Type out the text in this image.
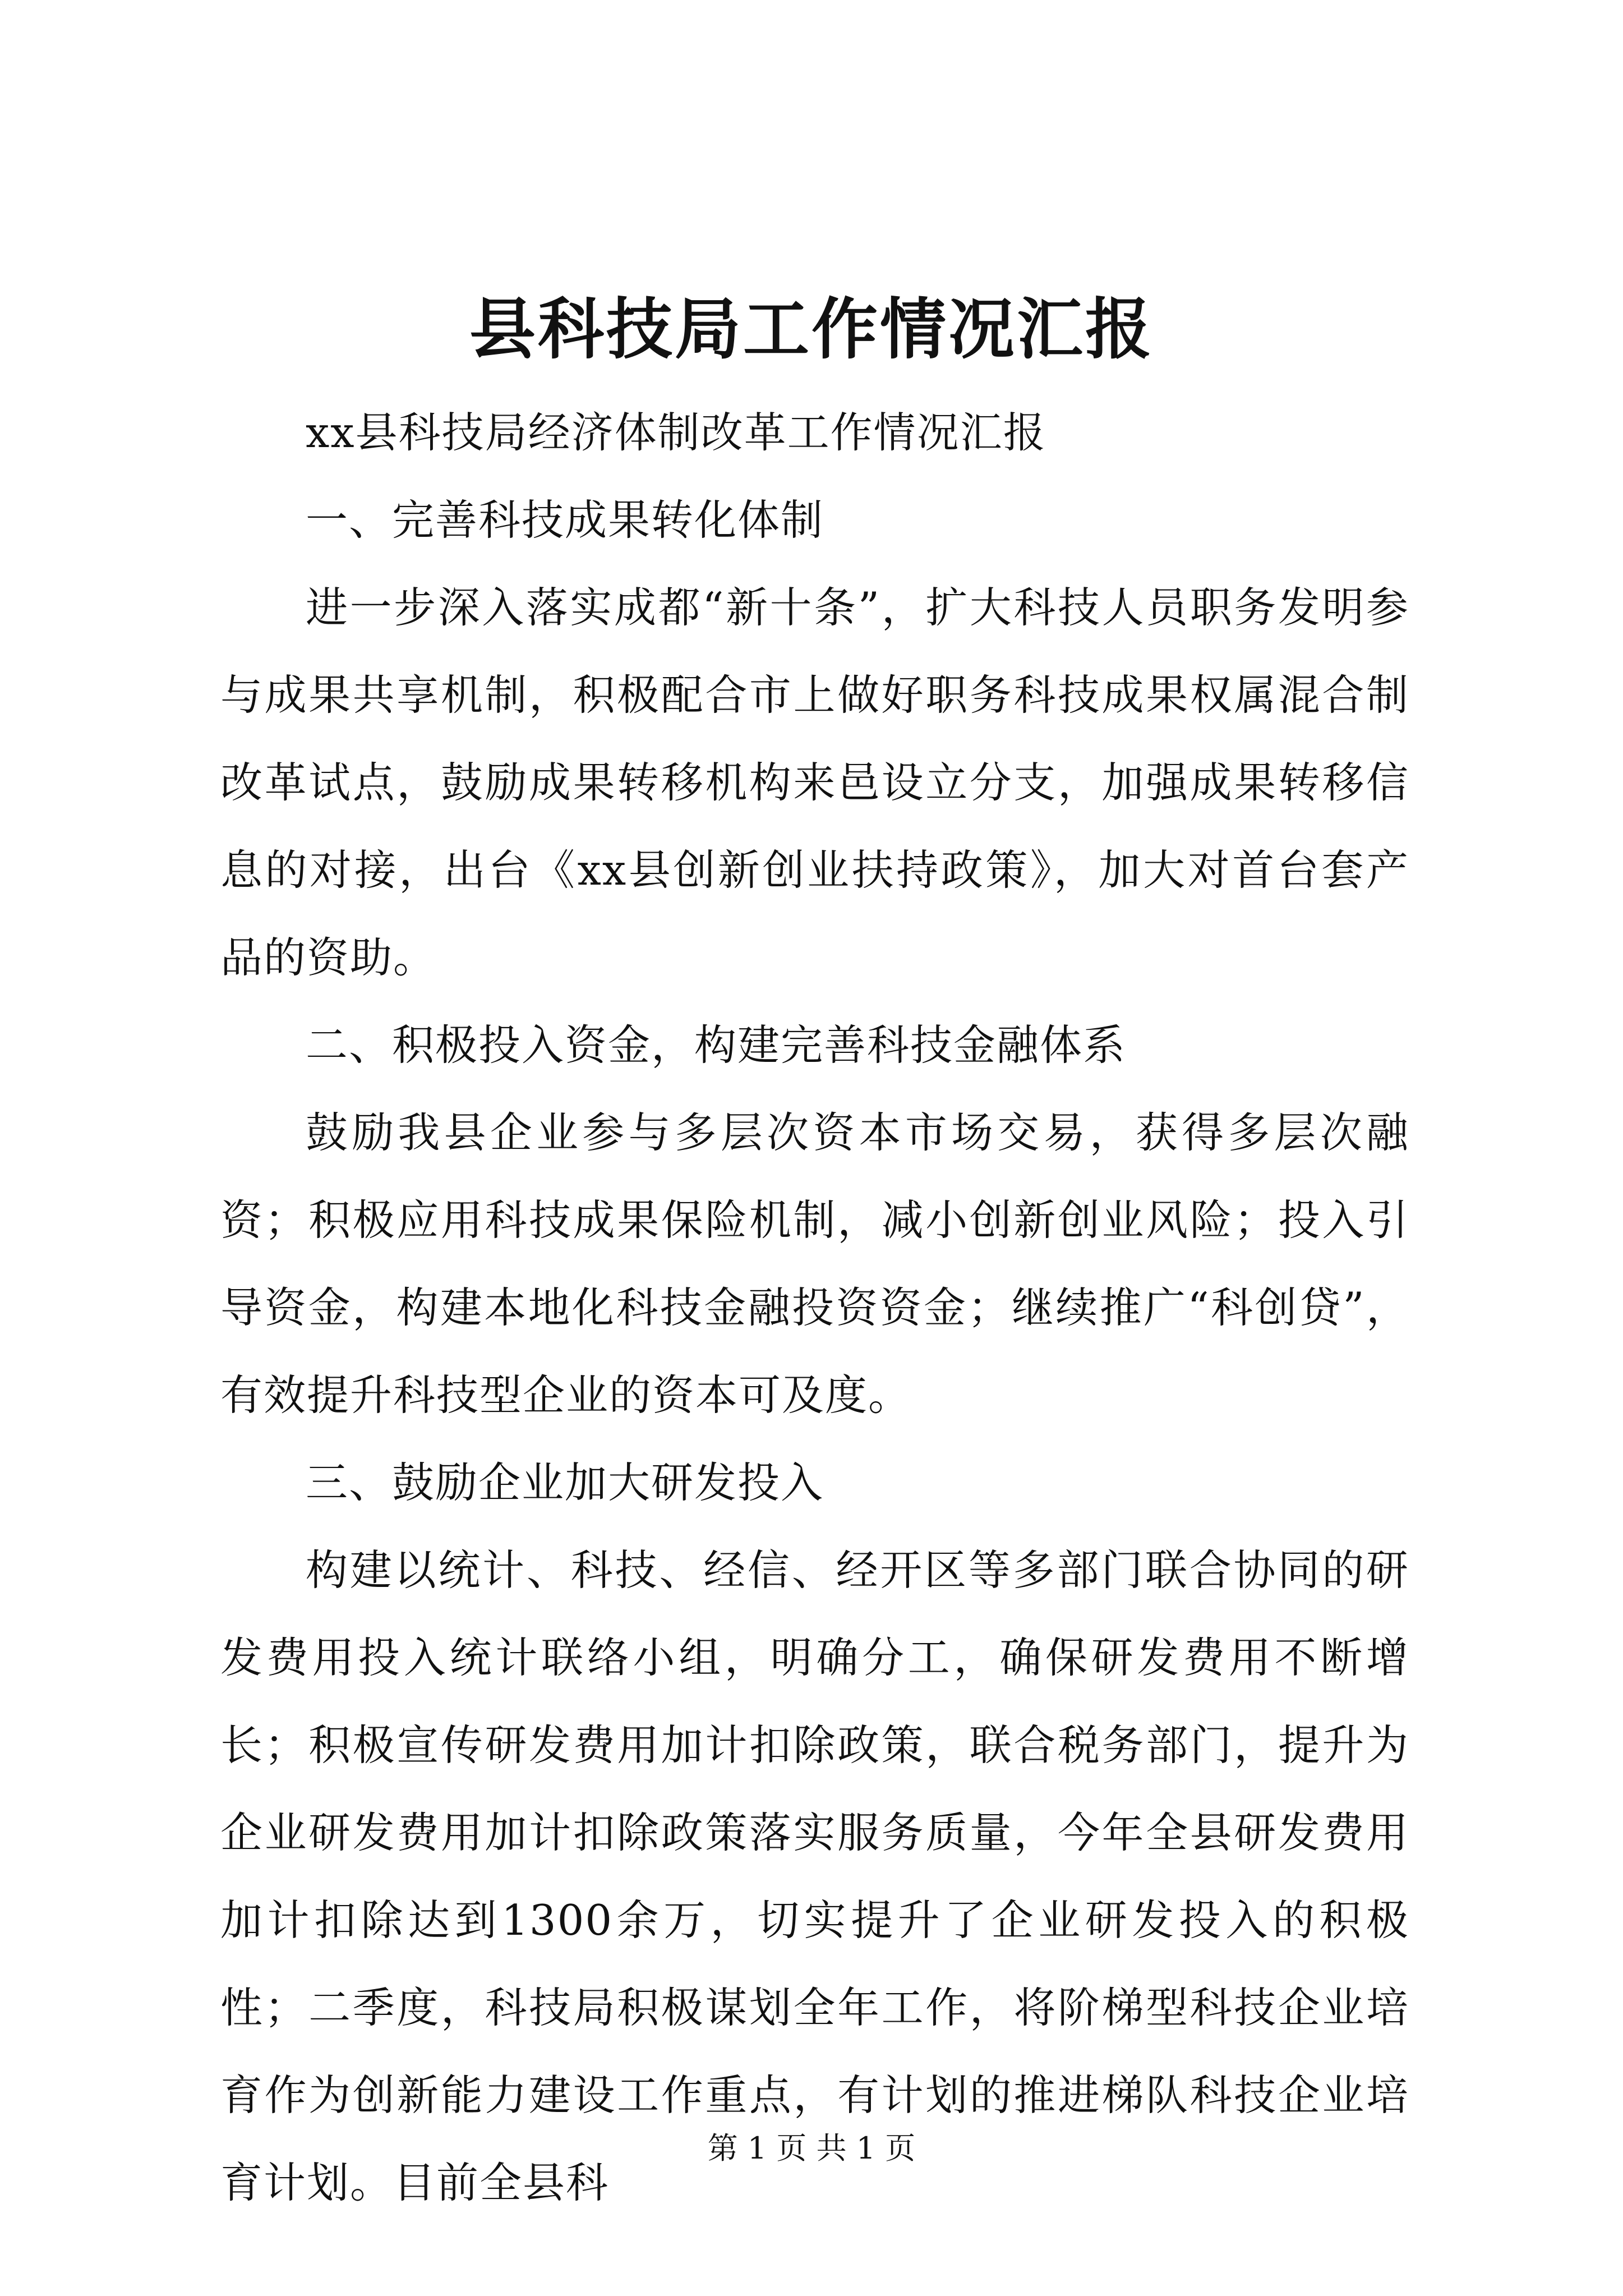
县科技局工作情况汇报

xx县科技局经济体制改革工作情况汇报

一、完善科技成果转化体制

进一步深入落实成都“新十条”，扩大科技人员职务发明参与成果共享机制，积极配合市上做好职务科技成果权属混合制改革试点，鼓励成果转移机构来邑设立分支，加强成果转移信息的对接，出台《xx县创新创业扶持政策》，加大对首台套产品的资助。

二、积极投入资金，构建完善科技金融体系

鼓励我县企业参与多层次资本市场交易，获得多层次融资；积极应用科技成果保险机制，减小创新创业风险；投入引导资金，构建本地化科技金融投资资金；继续推广“科创贷”，有效提升科技型企业的资本可及度。

三、鼓励企业加大研发投入

构建以统计、科技、经信、经开区等多部门联合协同的研发费用投入统计联络小组，明确分工，确保研发费用不断增长；积极宣传研发费用加计扣除政策，联合税务部门，提升为企业研发费用加计扣除政策落实服务质量，今年全县研发费用加计扣除达到1300余万，切实提升了企业研发投入的积极性；二季度，科技局积极谋划全年工作，将阶梯型科技企业培育作为创新能力建设工作重点，有计划的推进梯队科技企业培育计划。目前全县科

第 1 页 共 1 页
